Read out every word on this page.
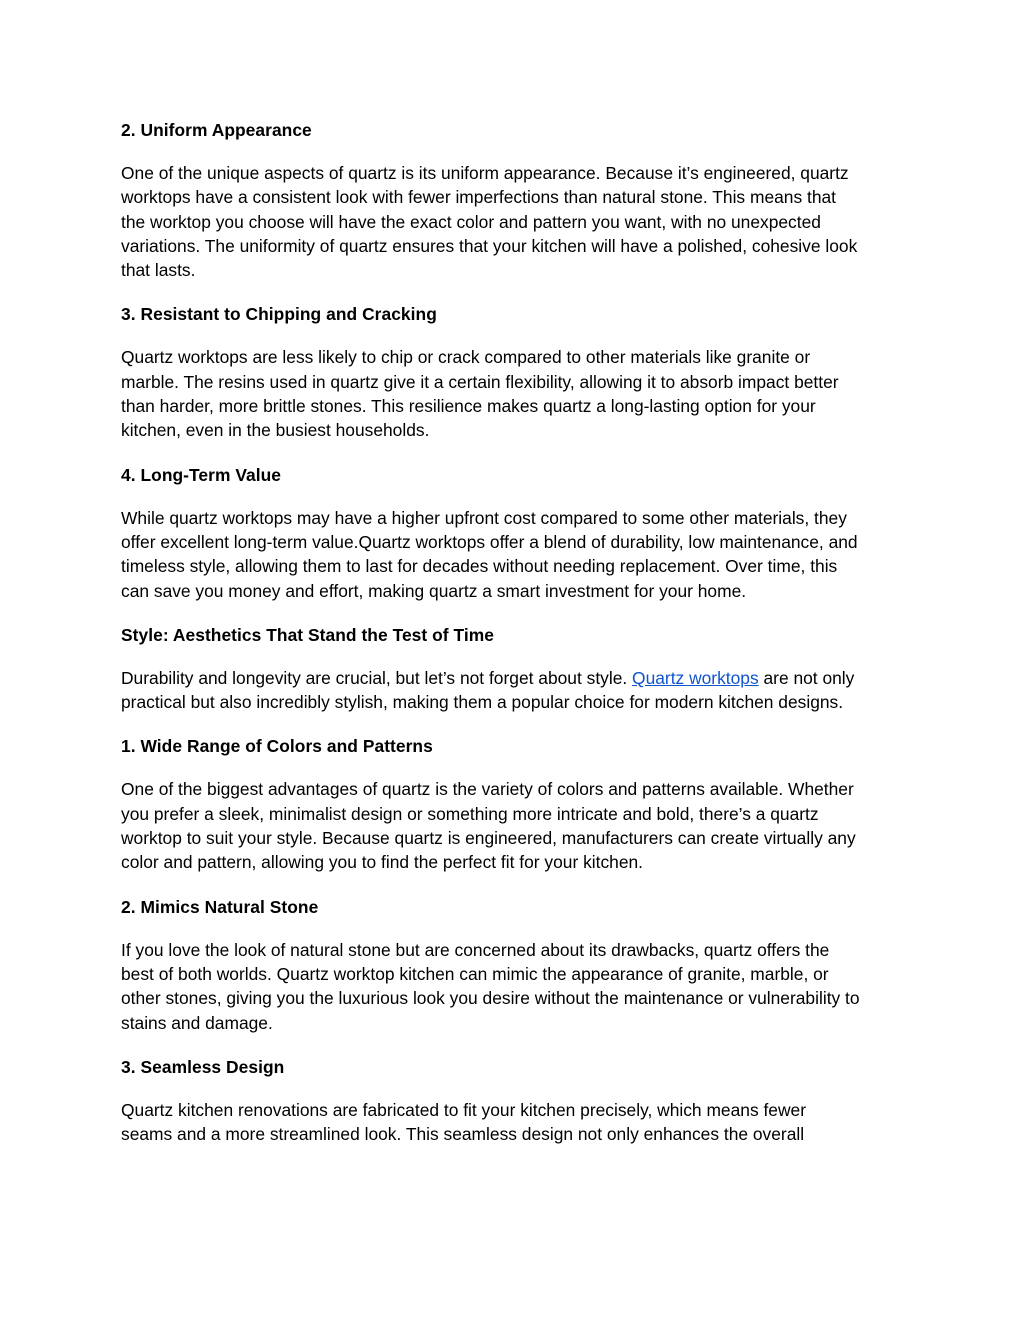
2. Uniform Appearance

One of the unique aspects of quartz is its uniform appearance. Because it’s engineered, quartz
worktops have a consistent look with fewer imperfections than natural stone. This means that
the worktop you choose will have the exact color and pattern you want, with no unexpected
variations. The uniformity of quartz ensures that your kitchen will have a polished, cohesive look
that lasts.

3. Resistant to Chipping and Cracking

Quartz worktops are less likely to chip or crack compared to other materials like granite or
marble. The resins used in quartz give it a certain flexibility, allowing it to absorb impact better
than harder, more brittle stones. This resilience makes quartz a long-lasting option for your
kitchen, even in the busiest households.

4. Long-Term Value

While quartz worktops may have a higher upfront cost compared to some other materials, they
offer excellent long-term value.Quartz worktops offer a blend of durability, low maintenance, and
timeless style, allowing them to last for decades without needing replacement. Over time, this
can save you money and effort, making quartz a smart investment for your home.

Style: Aesthetics That Stand the Test of Time

Durability and longevity are crucial, but let’s not forget about style. Quartz worktops are not only
practical but also incredibly stylish, making them a popular choice for modern kitchen designs.

1. Wide Range of Colors and Patterns

One of the biggest advantages of quartz is the variety of colors and patterns available. Whether
you prefer a sleek, minimalist design or something more intricate and bold, there’s a quartz
worktop to suit your style. Because quartz is engineered, manufacturers can create virtually any
color and pattern, allowing you to find the perfect fit for your kitchen.

2. Mimics Natural Stone

If you love the look of natural stone but are concerned about its drawbacks, quartz offers the
best of both worlds. Quartz worktop kitchen can mimic the appearance of granite, marble, or
other stones, giving you the luxurious look you desire without the maintenance or vulnerability to
stains and damage.

3. Seamless Design

Quartz kitchen renovations are fabricated to fit your kitchen precisely, which means fewer
seams and a more streamlined look. This seamless design not only enhances the overall
